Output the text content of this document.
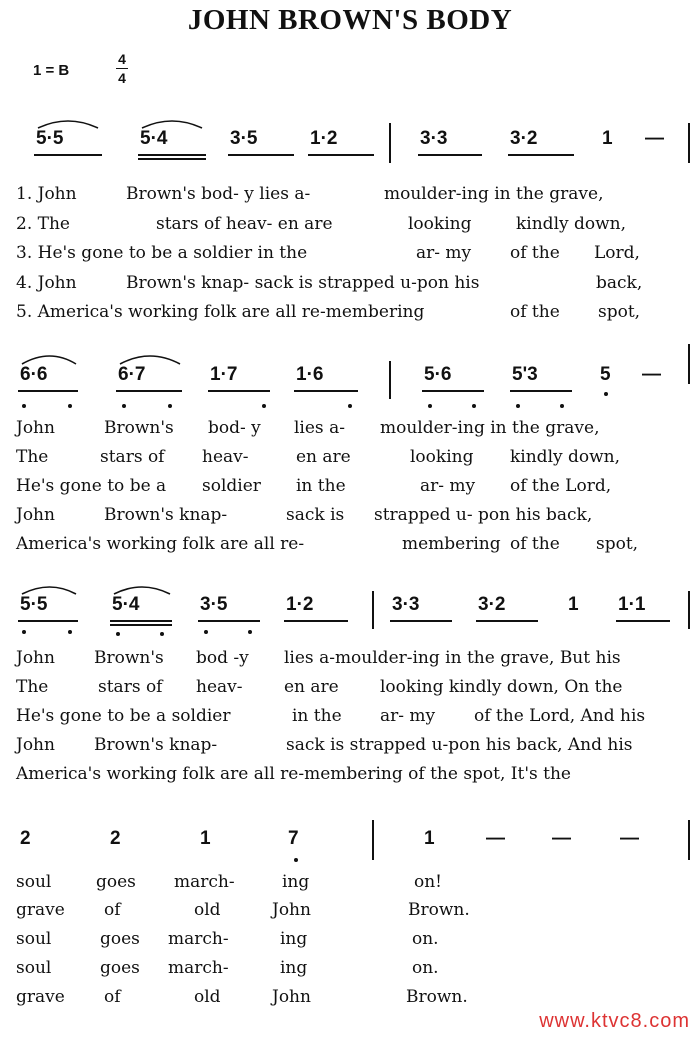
JOHN BROWN'S BODY
1 = B
4
4
5·5	5·4	3·5	1·2	3·3	3·2	1 —
1. John	Brown's bod- y lies a-	moulder-ing in the grave,
2. The	stars of heav- en are	looking	kindly down,
3. He's gone to be a soldier in the	ar- my of the Lord,
4. John	Brown's knap- sack is strapped u-pon his	back,
5. America's working folk are all re-membering	of the spot,
6·6	6·7	1·7	1·6	5·6	5'3	5 —
John	Brown's bod- y lies a- moulder-ing in the grave,
The	stars of heav-	en are	looking kindly down,
He's gone to be a soldier in the	ar- my of the Lord,
John	Brown's knap-	sack is strapped u- pon his back,
America's working folk are all re-	membering of the spot,
5·5	5·4	3·5	1·2	3·3	3·2	1 1·1
John Brown's bod -y lies a-moulder-ing in the grave, But his
The	stars of heav- en are looking kindly down, On the
He's gone to be a soldier	in the ar- my of the Lord, And his
John Brown's knap-	sack is strapped u-pon his back, And his
America's working folk are all re-membering of the spot, It's the
2	2	1	7	1	— —	—
soul	goes march-	ing	on!
grave of	old	John	Brown.
soul	goes march-	ing	on.
soul	goes march-	ing	on.
grave of	old	John	Brown.
www.ktvc8.com
